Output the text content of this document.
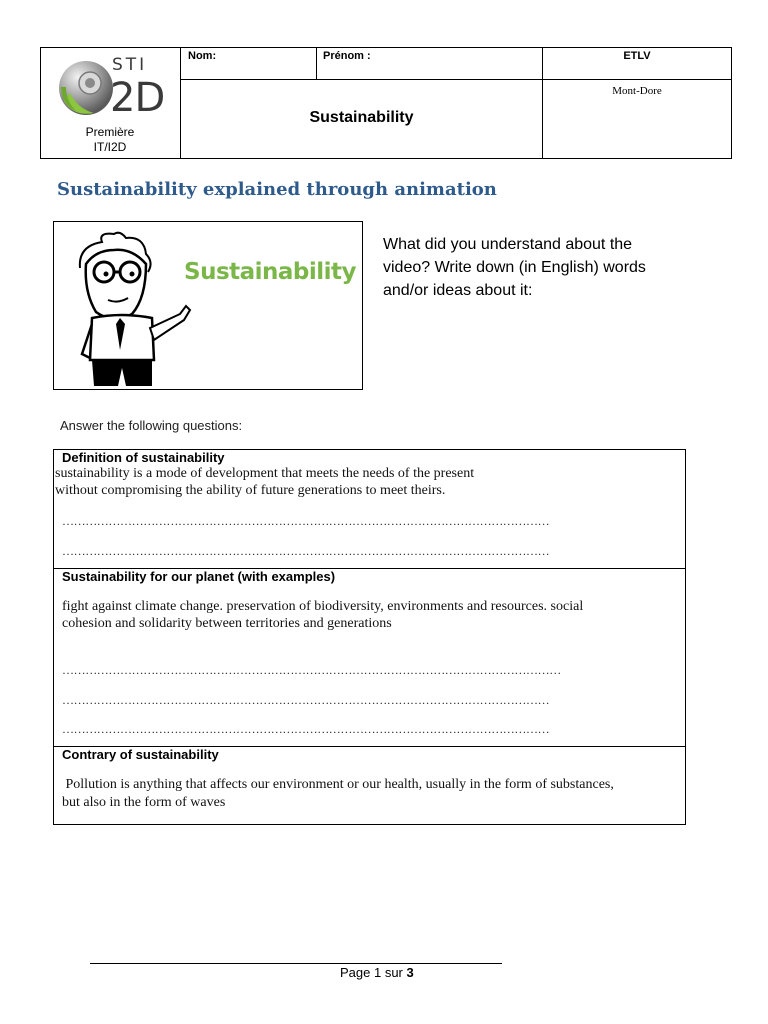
STI
2D
Première
IT/I2D
Nom:	Prénom :	ETLV
Sustainability
Mont-Dore
Sustainability explained through animation
Sustainability
What did you understand about the video? Write down (in English) words and/or ideas about it:
Answer the following questions:
Definition of sustainability
sustainability is a mode of development that meets the needs of the present
without compromising the ability of future generations to meet theirs.
………………………………………………………………………………………………………………
………………………………………………………………………………………………………………
Sustainability for our planet (with examples)
fight against climate change. preservation of biodiversity, environments and resources. social
cohesion and solidarity between territories and generations
…………………………………………………………………………………………………………………
………………………………………………………………………………………………………………
………………………………………………………………………………………………………………
Contrary of sustainability
Pollution is anything that affects our environment or our health, usually in the form of substances,
but also in the form of waves
Page 1 sur 3
